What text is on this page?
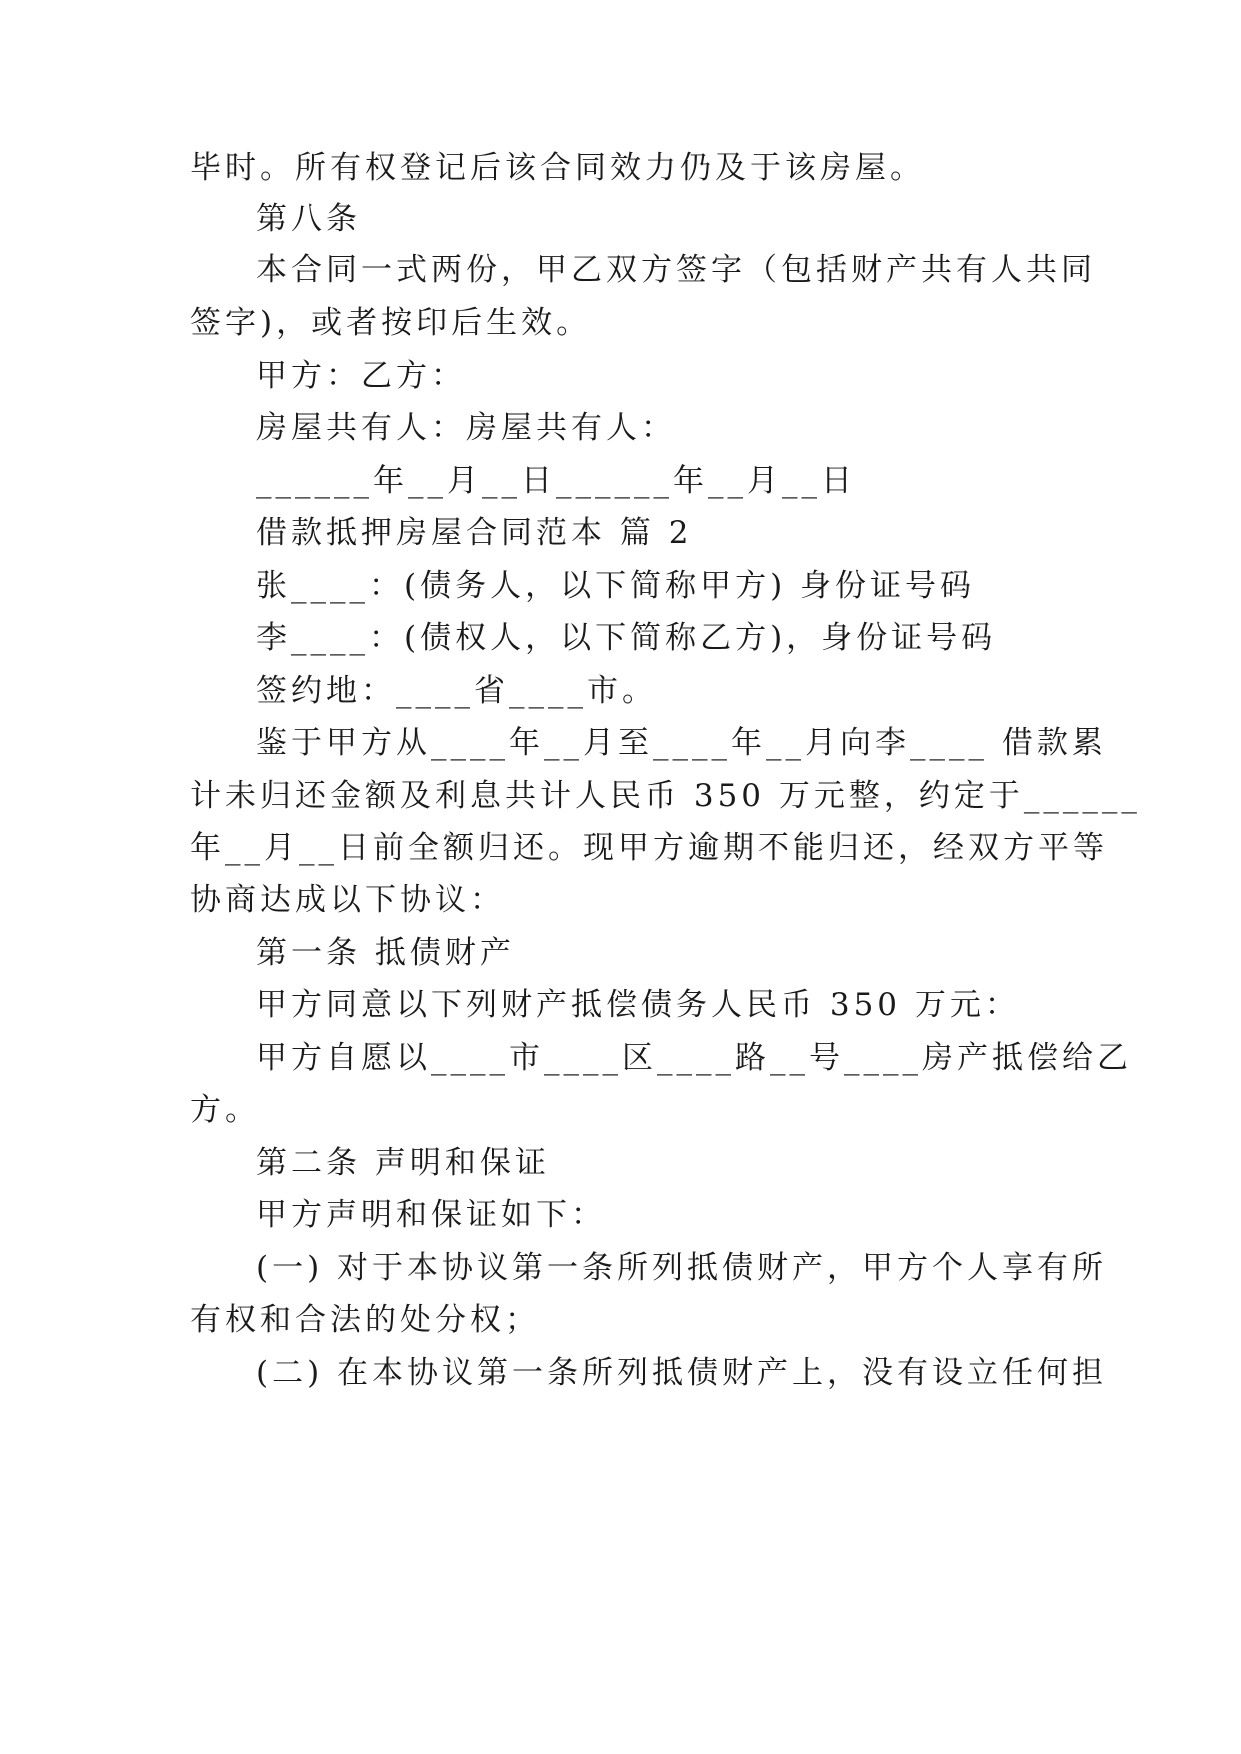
毕时。所有权登记后该合同效力仍及于该房屋。
第八条
本合同一式两份，甲乙双方签字（包括财产共有人共同
签字)，或者按印后生效。
甲方：乙方：
房屋共有人：房屋共有人：
______年__月__日______年__月__日
借款抵押房屋合同范本 篇 2
张____：(债务人，以下简称甲方) 身份证号码
李____：(债权人，以下简称乙方)，身份证号码
签约地：____省____市。
鉴于甲方从____年__月至____年__月向李____ 借款累
计未归还金额及利息共计人民币 350 万元整，约定于______
年__月__日前全额归还。现甲方逾期不能归还，经双方平等
协商达成以下协议：
第一条 抵债财产
甲方同意以下列财产抵偿债务人民币 350 万元：
甲方自愿以____市____区____路__号____房产抵偿给乙
方。
第二条 声明和保证
甲方声明和保证如下：
(一) 对于本协议第一条所列抵债财产，甲方个人享有所
有权和合法的处分权；
(二) 在本协议第一条所列抵债财产上，没有设立任何担
